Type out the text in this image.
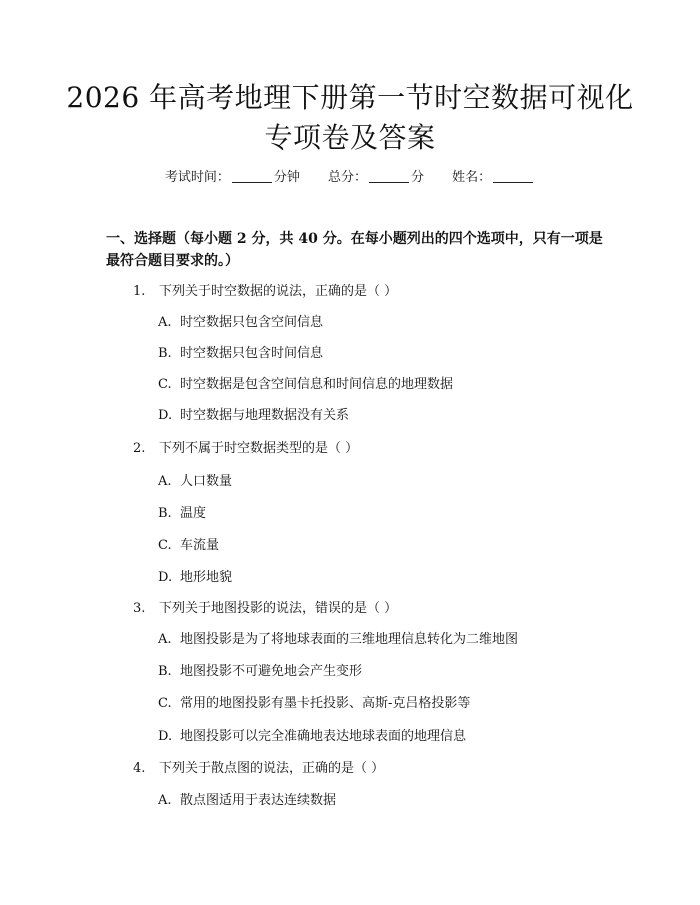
2026 年高考地理下册第一节时空数据可视化
专项卷及答案
考试时间：	分钟 总分：	分 姓名：
一、选择题（每小题 2 分，共 40 分。在每小题列出的四个选项中，只有一项是最符合题目要求的。）
1. 下列关于时空数据的说法，正确的是（ ）
A. 时空数据只包含空间信息
B. 时空数据只包含时间信息
C. 时空数据是包含空间信息和时间信息的地理数据
D. 时空数据与地理数据没有关系
2. 下列不属于时空数据类型的是（ ）
A. 人口数量
B. 温度
C. 车流量
D. 地形地貌
3. 下列关于地图投影的说法，错误的是（ ）
A. 地图投影是为了将地球表面的三维地理信息转化为二维地图
B. 地图投影不可避免地会产生变形
C. 常用的地图投影有墨卡托投影、高斯-克吕格投影等
D. 地图投影可以完全准确地表达地球表面的地理信息
4. 下列关于散点图的说法，正确的是（ ）
A. 散点图适用于表达连续数据
